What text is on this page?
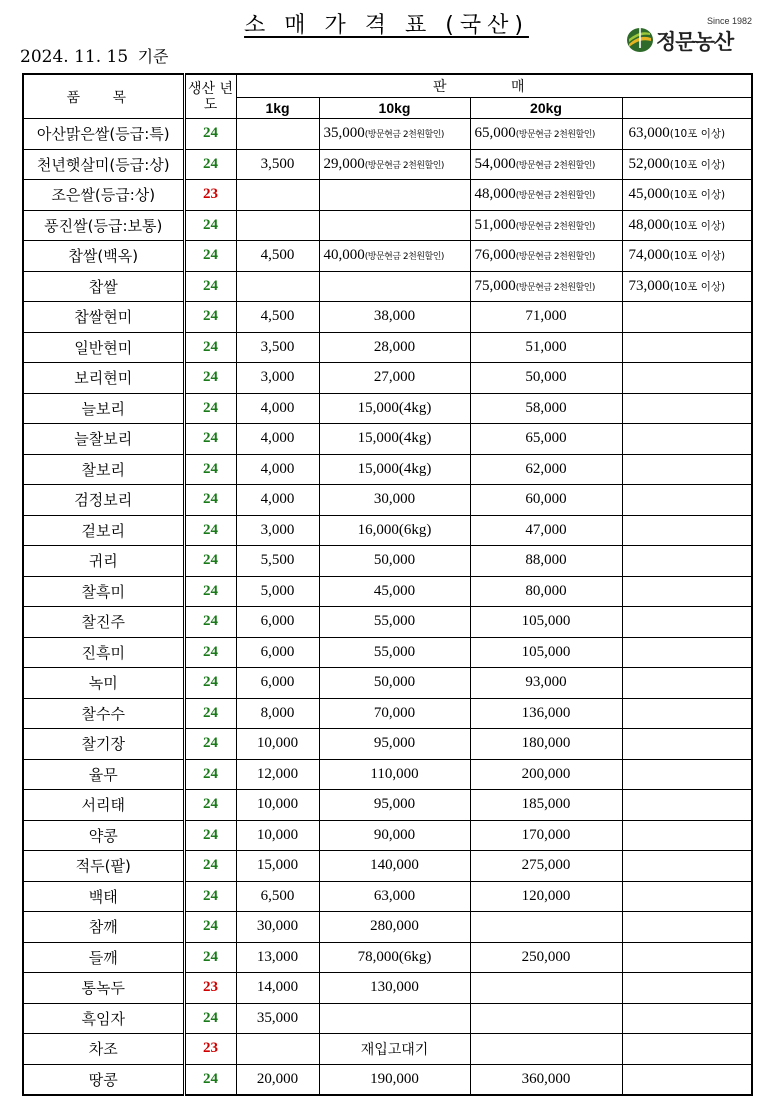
소 매 가 격 표 (국산)
2024. 11. 15 기준
Since 1982
정문농산
품 목	생산 년도	판 매			
		1kg	10kg	20kg	
아산맑은쌀(등급:특)	24		35,000(방문현금 2천원할인)	65,000(방문현금 2천원할인)	63,000(10포 이상)
천년햇살미(등급:상)	24	3,500	29,000(방문현금 2천원할인)	54,000(방문현금 2천원할인)	52,000(10포 이상)
조은쌀(등급:상)	23			48,000(방문현금 2천원할인)	45,000(10포 이상)
풍진쌀(등급:보통)	24			51,000(방문현금 2천원할인)	48,000(10포 이상)
찹쌀(백옥)	24	4,500	40,000(방문현금 2천원할인)	76,000(방문현금 2천원할인)	74,000(10포 이상)
찹쌀	24			75,000(방문현금 2천원할인)	73,000(10포 이상)
찹쌀현미	24	4,500	38,000	71,000	
일반현미	24	3,500	28,000	51,000	
보리현미	24	3,000	27,000	50,000	
늘보리	24	4,000	15,000(4kg)	58,000	
늘찰보리	24	4,000	15,000(4kg)	65,000	
찰보리	24	4,000	15,000(4kg)	62,000	
검정보리	24	4,000	30,000	60,000	
겉보리	24	3,000	16,000(6kg)	47,000	
귀리	24	5,500	50,000	88,000	
찰흑미	24	5,000	45,000	80,000	
찰진주	24	6,000	55,000	105,000	
진흑미	24	6,000	55,000	105,000	
녹미	24	6,000	50,000	93,000	
찰수수	24	8,000	70,000	136,000	
찰기장	24	10,000	95,000	180,000	
율무	24	12,000	110,000	200,000	
서리태	24	10,000	95,000	185,000	
약콩	24	10,000	90,000	170,000	
적두(팥)	24	15,000	140,000	275,000	
백태	24	6,500	63,000	120,000	
참깨	24	30,000	280,000		
들깨	24	13,000	78,000(6kg)	250,000	
통녹두	23	14,000	130,000		
흑임자	24	35,000			
차조	23		재입고대기		
땅콩	24	20,000	190,000	360,000	
